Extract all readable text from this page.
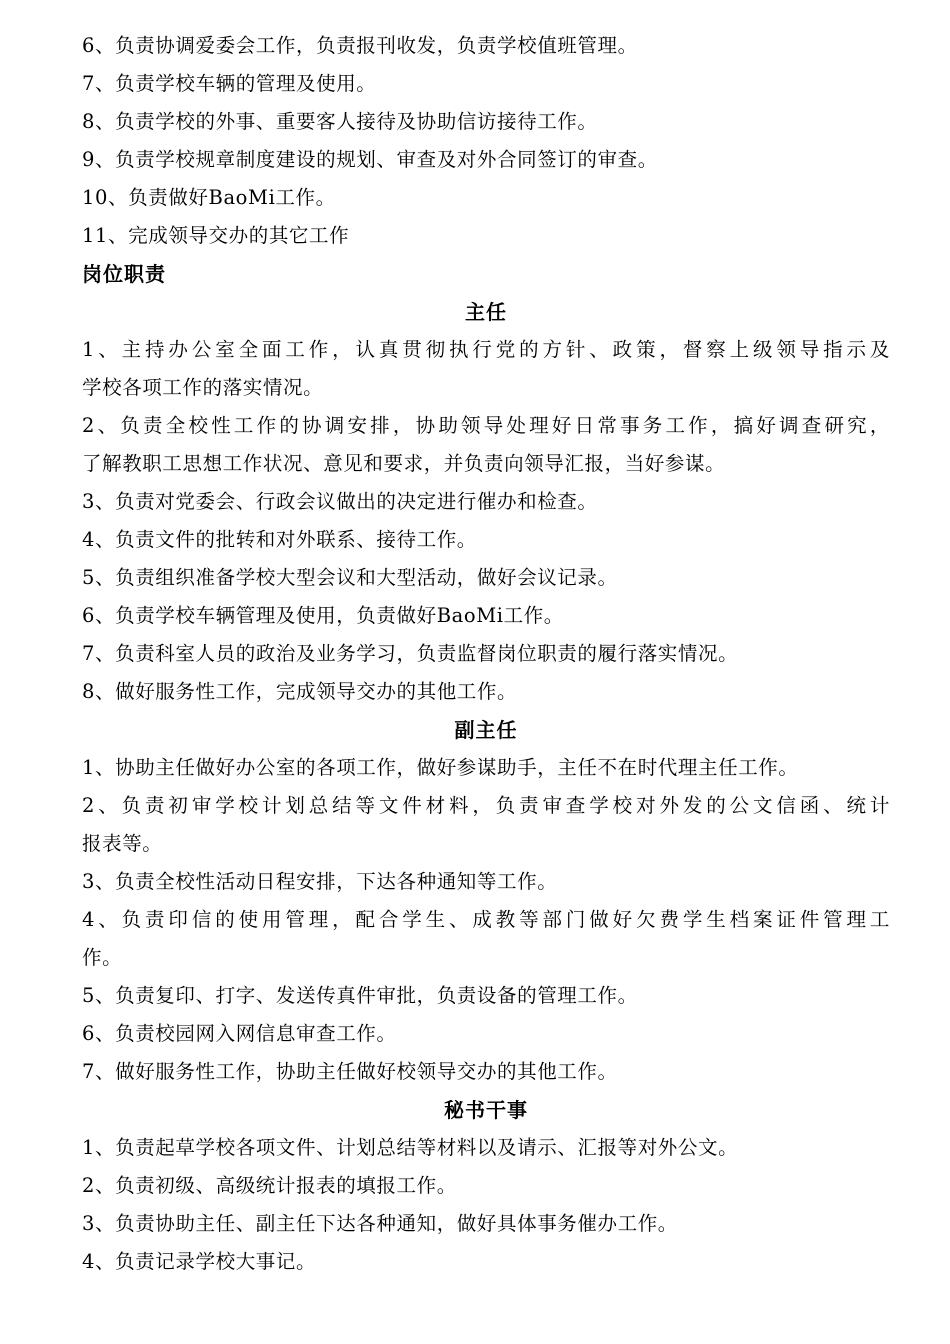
6、负责协调爱委会工作，负责报刊收发，负责学校值班管理。
7、负责学校车辆的管理及使用。
8、负责学校的外事、重要客人接待及协助信访接待工作。
9、负责学校规章制度建设的规划、审查及对外合同签订的审查。
10、负责做好BaoMi工作。
11、完成领导交办的其它工作
岗位职责
主任
1、主持办公室全面工作，认真贯彻执行党的方针、政策，督察上级领导指示及
学校各项工作的落实情况。
2、负责全校性工作的协调安排，协助领导处理好日常事务工作，搞好调查研究，
了解教职工思想工作状况、意见和要求，并负责向领导汇报，当好参谋。
3、负责对党委会、行政会议做出的决定进行催办和检查。
4、负责文件的批转和对外联系、接待工作。
5、负责组织准备学校大型会议和大型活动，做好会议记录。
6、负责学校车辆管理及使用，负责做好BaoMi工作。
7、负责科室人员的政治及业务学习，负责监督岗位职责的履行落实情况。
8、做好服务性工作，完成领导交办的其他工作。
副主任
1、协助主任做好办公室的各项工作，做好参谋助手，主任不在时代理主任工作。
2、负责初审学校计划总结等文件材料，负责审查学校对外发的公文信函、统计
报表等。
3、负责全校性活动日程安排，下达各种通知等工作。
4、负责印信的使用管理，配合学生、成教等部门做好欠费学生档案证件管理工
作。
5、负责复印、打字、发送传真件审批，负责设备的管理工作。
6、负责校园网入网信息审查工作。
7、做好服务性工作，协助主任做好校领导交办的其他工作。
秘书干事
1、负责起草学校各项文件、计划总结等材料以及请示、汇报等对外公文。
2、负责初级、高级统计报表的填报工作。
3、负责协助主任、副主任下达各种通知，做好具体事务催办工作。
4、负责记录学校大事记。
